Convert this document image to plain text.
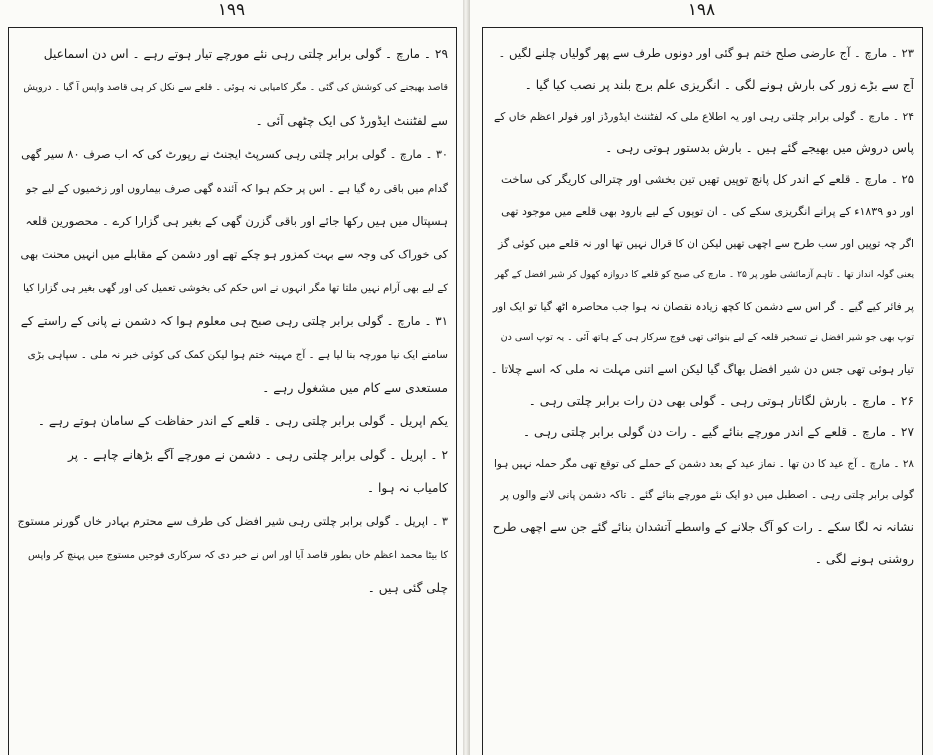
۱۹۹

۲۹ ۔ مارچ ۔ گولی برابر چلتی رہی نئے مورچے تیار ہوتے رہے ۔ اس دن اسماعیل

قاصد بھیجنے کی کوشش کی گئی ۔ مگر کامیابی نہ ہوئی ۔ قلعے سے نکل کر ہی قاصد واپس آ گیا ۔ درویش

سے لفٹننٹ ایڈورڈ کی ایک چٹھی آئی ۔

۳۰ ۔ مارچ ۔ گولی برابر چلتی رہی کسرپٹ ایجنٹ نے رپورٹ کی کہ اب صرف ۸۰ سیر گھی

گدام میں باقی رہ گیا ہے ۔ اس پر حکم ہوا کہ آئندہ گھی صرف بیماروں اور زخمیوں کے لیے جو

ہسپتال میں ہیں رکھا جائے اور باقی گزرن گھی کے بغیر ہی گزارا کرے ۔ محصورین قلعہ

کی خوراک کی وجہ سے بہت کمزور ہو چکے تھے اور دشمن کے مقابلے میں انہیں محنت بھی

کے لیے بھی آرام نہیں ملتا تھا مگر انہوں نے اس حکم کی بخوشی تعمیل کی اور گھی بغیر ہی گزارا کیا

۳۱ ۔ مارچ ۔ گولی برابر چلتی رہی صبح ہی معلوم ہوا کہ دشمن نے پانی کے راستے کے

سامنے ایک نیا مورچہ بنا لیا ہے ۔ آج مہینہ ختم ہوا لیکن کمک کی کوئی خبر نہ ملی ۔ سپاہی بڑی

مستعدی سے کام میں مشغول رہے ۔

یکم اپریل ۔ گولی برابر چلتی رہی ۔ قلعے کے اندر حفاظت کے سامان ہوتے رہے ۔

۲ ۔ اپریل ۔ گولی برابر چلتی رہی ۔ دشمن نے مورچے آگے بڑھانے چاہے ۔ پر

کامیاب نہ ہوا ۔

۳ ۔ اپریل ۔ گولی برابر چلتی رہی شیر افضل کی طرف سے محترم بہادر خاں گورنر مستوج

کا بیٹا محمد اعظم خاں بطور قاصد آیا اور اس نے خبر دی کہ سرکاری فوجیں مستوج میں پہنچ کر واپس

چلی گئی ہیں ۔

۱۹۸

۲۳ ۔ مارچ ۔ آج عارضی صلح ختم ہو گئی اور دونوں طرف سے پھر گولیاں چلنے لگیں ۔

آج سے بڑے زور کی بارش ہونے لگی ۔ انگریزی علم برج بلند پر نصب کیا گیا ۔

۲۴ ۔ مارچ ۔ گولی برابر چلتی رہی اور یہ اطلاع ملی کہ لفٹننٹ ایڈورڈز اور فولر اعظم خاں کے

پاس دروش میں بھیجے گئے ہیں ۔ بارش بدستور ہوتی رہی ۔

۲۵ ۔ مارچ ۔ قلعے کے اندر کل پانچ توپیں تھیں تین بخشی اور چترالی کاریگر کی ساخت

اور دو ۱۸۳۹ء کے پرانے انگریزی سکے کی ۔ ان توپوں کے لیے بارود بھی قلعے میں موجود تھی

اگر چہ توپیں اور سب طرح سے اچھی تھیں لیکن ان کا قرال نہیں تھا اور نہ قلعے میں کوئی گز

یعنی گولہ انداز تھا ۔ تاہم آزمائشی طور پر ۲۵ ۔ مارچ کی صبح کو قلعے کا دروازہ کھول کر شیر افضل کے گھر

پر فائر کیے گیے ۔ گر اس سے دشمن کا کچھ زیادہ نقصان نہ ہوا جب محاصرہ اٹھ گیا تو ایک اور

توپ بھی جو شیر افضل نے تسخیر قلعہ کے لیے بنوائی تھی فوج سرکار ہی کے ہاتھ آئی ۔ یہ توپ اسی دن

تیار ہوئی تھی جس دن شیر افضل بھاگ گیا لیکن اسے اتنی مہلت نہ ملی کہ اسے چلاتا ۔

۲۶ ۔ مارچ ۔ بارش لگاتار ہوتی رہی ۔ گولی بھی دن رات برابر چلتی رہی ۔

۲۷ ۔ مارچ ۔ قلعے کے اندر مورچے بنائے گیے ۔ رات دن گولی برابر چلتی رہی ۔

۲۸ ۔ مارچ ۔ آج عید کا دن تھا ۔ نماز عید کے بعد دشمن کے حملے کی توقع تھی مگر حملہ نہیں ہوا

گولی برابر چلتی رہی ۔ اصطبل میں دو ایک نئے مورچے بنائے گئے ۔ تاکہ دشمن پانی لانے والوں پر

نشانہ نہ لگا سکے ۔ رات کو آگ جلانے کے واسطے آتشدان بنائے گئے جن سے اچھی طرح

روشنی ہونے لگی ۔
